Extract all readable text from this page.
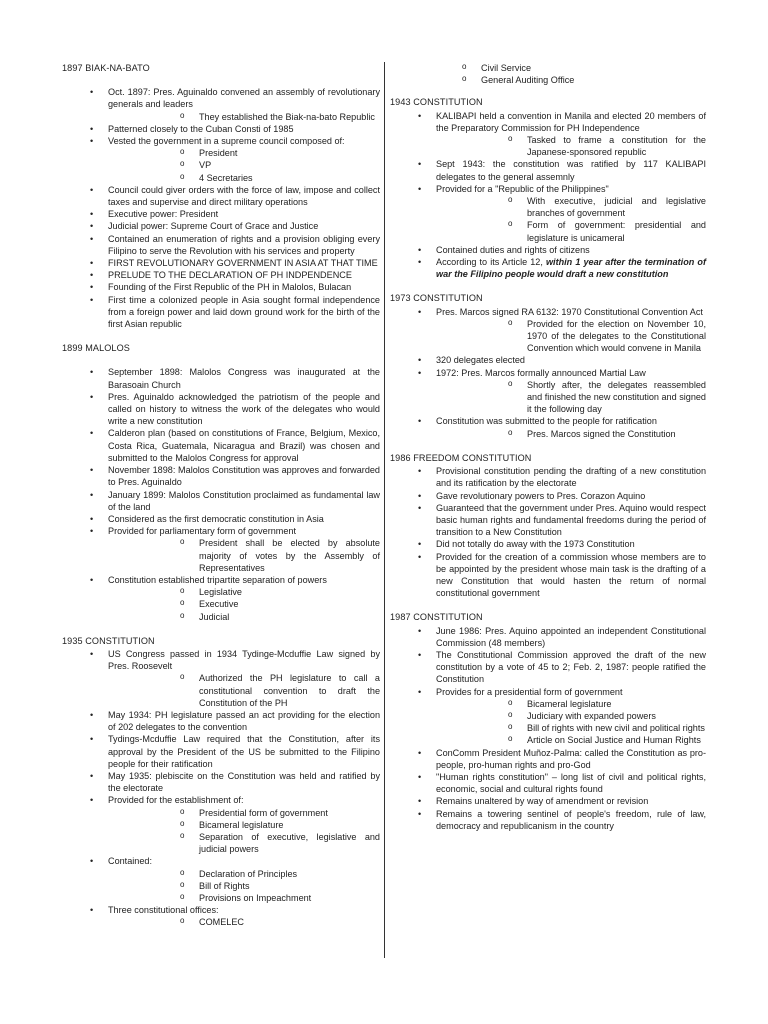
1897 BIAK-NA-BATO
• Oct. 1897: Pres. Aguinaldo convened an assembly of revolutionary generals and leaders
o They established the Biak-na-bato Republic
• Patterned closely to the Cuban Consti of 1985
• Vested the government in a supreme council composed of:
o President
o VP
o 4 Secretaries
• Council could giver orders with the force of law, impose and collect taxes and supervise and direct military operations
• Executive power: President
• Judicial power: Supreme Court of Grace and Justice
• Contained an enumeration of rights and a provision obliging every Filipino to serve the Revolution with his services and property
• FIRST REVOLUTIONARY GOVERNMENT IN ASIA AT THAT TIME
• PRELUDE TO THE DECLARATION OF PH INDPENDENCE
• Founding of the First Republic of the PH in Malolos, Bulacan
• First time a colonized people in Asia sought formal independence from a foreign power and laid down ground work for the birth of the first Asian republic
1899 MALOLOS
• September 1898: Malolos Congress was inaugurated at the Barasoain Church
• Pres. Aguinaldo acknowledged the patriotism of the people and called on history to witness the work of the delegates who would write a new constitution
• Calderon plan (based on constitutions of France, Belgium, Mexico, Costa Rica, Guatemala, Nicaragua and Brazil) was chosen and submitted to the Malolos Congress for approval
• November 1898: Malolos Constitution was approves and forwarded to Pres. Aguinaldo
• January 1899: Malolos Constitution proclaimed as fundamental law of the land
• Considered as the first democratic constitution in Asia
• Provided for parliamentary form of government
o President shall be elected by absolute majority of votes by the Assembly of Representatives
• Constitution established tripartite separation of powers
o Legislative
o Executive
o Judicial
1935 CONSTITUTION
• US Congress passed in 1934 Tydinge-Mcduffie Law signed by Pres. Roosevelt
o Authorized the PH legislature to call a constitutional convention to draft the Constitution of the PH
• May 1934: PH legislature passed an act providing for the election of 202 delegates to the convention
• Tydings-Mcduffie Law required that the Constitution, after its approval by the President of the US be submitted to the Filipino people for their ratification
• May 1935: plebiscite on the Constitution was held and ratified by the electorate
• Provided for the establishment of:
o Presidential form of government
o Bicameral legislature
o Separation of executive, legislative and judicial powers
• Contained:
o Declaration of Principles
o Bill of Rights
o Provisions on Impeachment
• Three constitutional offices:
o COMELEC
o Civil Service
o General Auditing Office
1943 CONSTITUTION
• KALIBAPI held a convention in Manila and elected 20 members of the Preparatory Commission for PH Independence
o Tasked to frame a constitution for the Japanese-sponsored republic
• Sept 1943: the constitution was ratified by 117 KALIBAPI delegates to the general assemnly
• Provided for a "Republic of the Philippines"
o With executive, judicial and legislative branches of government
o Form of government: presidential and legislature is unicameral
• Contained duties and rights of citizens
• According to its Article 12, within 1 year after the termination of war the Filipino people would draft a new constitution
1973 CONSTITUTION
• Pres. Marcos signed RA 6132: 1970 Constitutional Convention Act
o Provided for the election on November 10, 1970 of the delegates to the Constitutional Convention which would convene in Manila
• 320 delegates elected
• 1972: Pres. Marcos formally announced Martial Law
o Shortly after, the delegates reassembled and finished the new constitution and signed it the following day
• Constitution was submitted to the people for ratification
o Pres. Marcos signed the Constitution
1986 FREEDOM CONSTITUTION
• Provisional constitution pending the drafting of a new constitution and its ratification by the electorate
• Gave revolutionary powers to Pres. Corazon Aquino
• Guaranteed that the government under Pres. Aquino would respect basic human rights and fundamental freedoms during the period of transition to a New Constitution
• Did not totally do away with the 1973 Constitution
• Provided for the creation of a commission whose members are to be appointed by the president whose main task is the drafting of a new Constitution that would hasten the return of normal constitutional government
1987 CONSTITUTION
• June 1986: Pres. Aquino appointed an independent Constitutional Commission (48 members)
• The Constitutional Commission approved the draft of the new constitution by a vote of 45 to 2; Feb. 2, 1987: people ratified the Constitution
• Provides for a presidential form of government
o Bicameral legislature
o Judiciary with expanded powers
o Bill of rights with new civil and political rights
o Article on Social Justice and Human Rights
• ConComm President Muñoz-Palma: called the Constitution as pro-people, pro-human rights and pro-God
• "Human rights constitution" – long list of civil and political rights, economic, social and cultural rights found
• Remains unaltered by way of amendment or revision
• Remains a towering sentinel of people's freedom, rule of law, democracy and republicanism in the country
